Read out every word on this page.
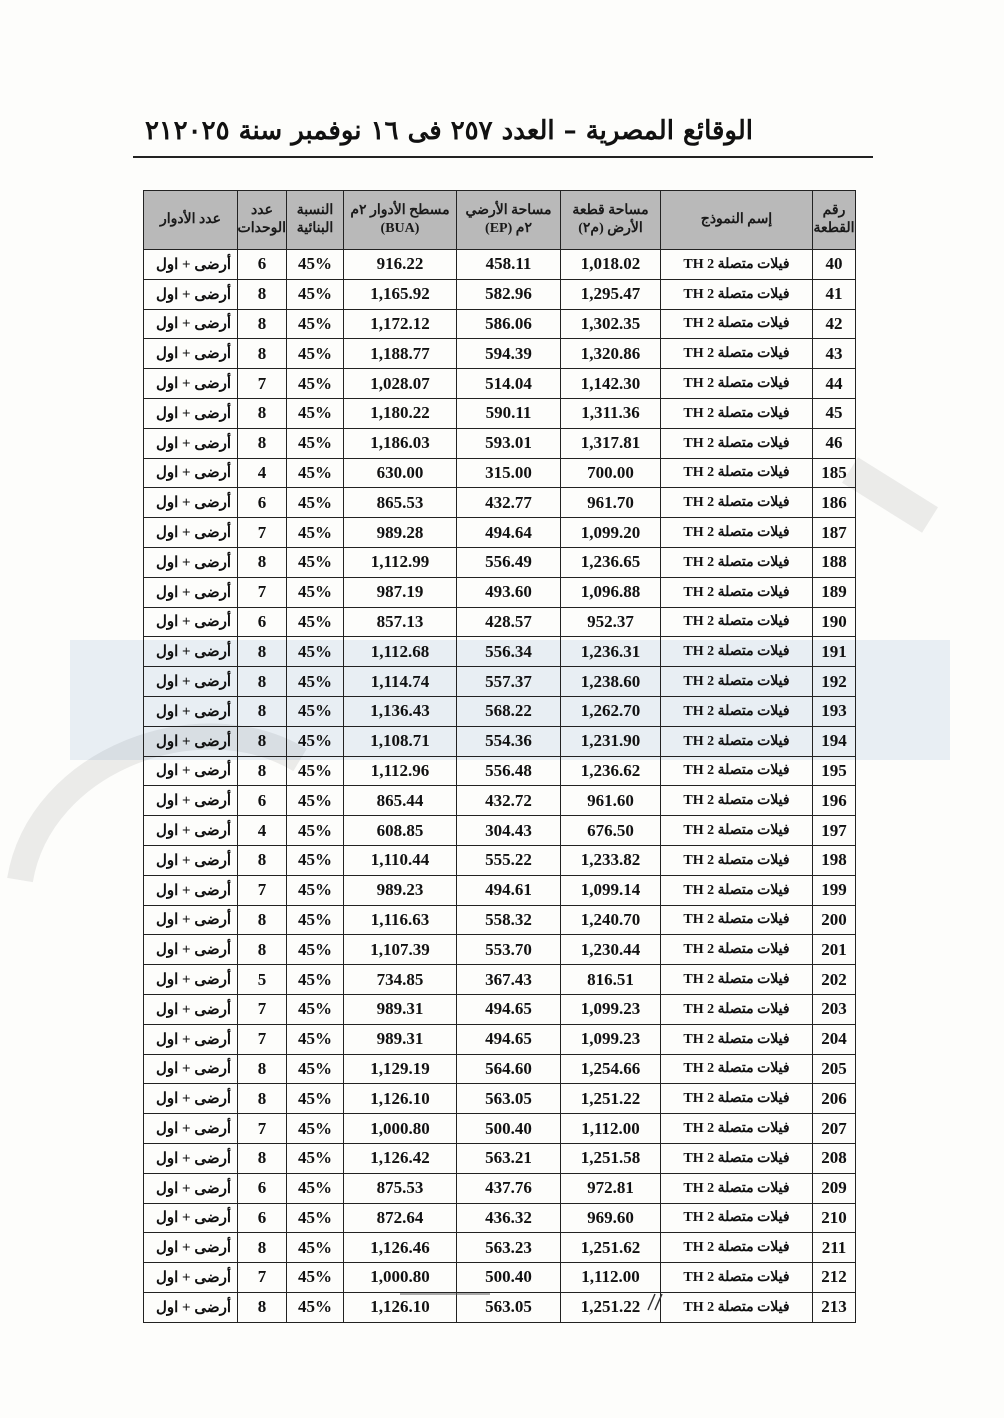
الوقائع المصرية – العدد ٢٥٧ فى ١٦ نوفمبر سنة ٢٠٢٥
٢١
رقم القطعة	إسم النموذج	مساحة قطعة الأرض (م٢)	مساحة الأرضي ٢م (EP)	مسطح الأدوار ٢م (BUA)	النسبة البنائية	عدد الوحدات	عدد الأدوار
40	فيلات متصلة TH 2	1,018.02	458.11	916.22	45%	6	أرضى + اول
41	فيلات متصلة TH 2	1,295.47	582.96	1,165.92	45%	8	أرضى + اول
42	فيلات متصلة TH 2	1,302.35	586.06	1,172.12	45%	8	أرضى + اول
43	فيلات متصلة TH 2	1,320.86	594.39	1,188.77	45%	8	أرضى + اول
44	فيلات متصلة TH 2	1,142.30	514.04	1,028.07	45%	7	أرضى + اول
45	فيلات متصلة TH 2	1,311.36	590.11	1,180.22	45%	8	أرضى + اول
46	فيلات متصلة TH 2	1,317.81	593.01	1,186.03	45%	8	أرضى + اول
185	فيلات متصلة TH 2	700.00	315.00	630.00	45%	4	أرضى + اول
186	فيلات متصلة TH 2	961.70	432.77	865.53	45%	6	أرضى + اول
187	فيلات متصلة TH 2	1,099.20	494.64	989.28	45%	7	أرضى + اول
188	فيلات متصلة TH 2	1,236.65	556.49	1,112.99	45%	8	أرضى + اول
189	فيلات متصلة TH 2	1,096.88	493.60	987.19	45%	7	أرضى + اول
190	فيلات متصلة TH 2	952.37	428.57	857.13	45%	6	أرضى + اول
191	فيلات متصلة TH 2	1,236.31	556.34	1,112.68	45%	8	أرضى + اول
192	فيلات متصلة TH 2	1,238.60	557.37	1,114.74	45%	8	أرضى + اول
193	فيلات متصلة TH 2	1,262.70	568.22	1,136.43	45%	8	أرضى + اول
194	فيلات متصلة TH 2	1,231.90	554.36	1,108.71	45%	8	أرضى + اول
195	فيلات متصلة TH 2	1,236.62	556.48	1,112.96	45%	8	أرضى + اول
196	فيلات متصلة TH 2	961.60	432.72	865.44	45%	6	أرضى + اول
197	فيلات متصلة TH 2	676.50	304.43	608.85	45%	4	أرضى + اول
198	فيلات متصلة TH 2	1,233.82	555.22	1,110.44	45%	8	أرضى + اول
199	فيلات متصلة TH 2	1,099.14	494.61	989.23	45%	7	أرضى + اول
200	فيلات متصلة TH 2	1,240.70	558.32	1,116.63	45%	8	أرضى + اول
201	فيلات متصلة TH 2	1,230.44	553.70	1,107.39	45%	8	أرضى + اول
202	فيلات متصلة TH 2	816.51	367.43	734.85	45%	5	أرضى + اول
203	فيلات متصلة TH 2	1,099.23	494.65	989.31	45%	7	أرضى + اول
204	فيلات متصلة TH 2	1,099.23	494.65	989.31	45%	7	أرضى + اول
205	فيلات متصلة TH 2	1,254.66	564.60	1,129.19	45%	8	أرضى + اول
206	فيلات متصلة TH 2	1,251.22	563.05	1,126.10	45%	8	أرضى + اول
207	فيلات متصلة TH 2	1,112.00	500.40	1,000.80	45%	7	أرضى + اول
208	فيلات متصلة TH 2	1,251.58	563.21	1,126.42	45%	8	أرضى + اول
209	فيلات متصلة TH 2	972.81	437.76	875.53	45%	6	أرضى + اول
210	فيلات متصلة TH 2	969.60	436.32	872.64	45%	6	أرضى + اول
211	فيلات متصلة TH 2	1,251.62	563.23	1,126.46	45%	8	أرضى + اول
212	فيلات متصلة TH 2	1,112.00	500.40	1,000.80	45%	7	أرضى + اول
213	فيلات متصلة TH 2	1,251.22	563.05	1,126.10	45%	8	أرضى + اول
